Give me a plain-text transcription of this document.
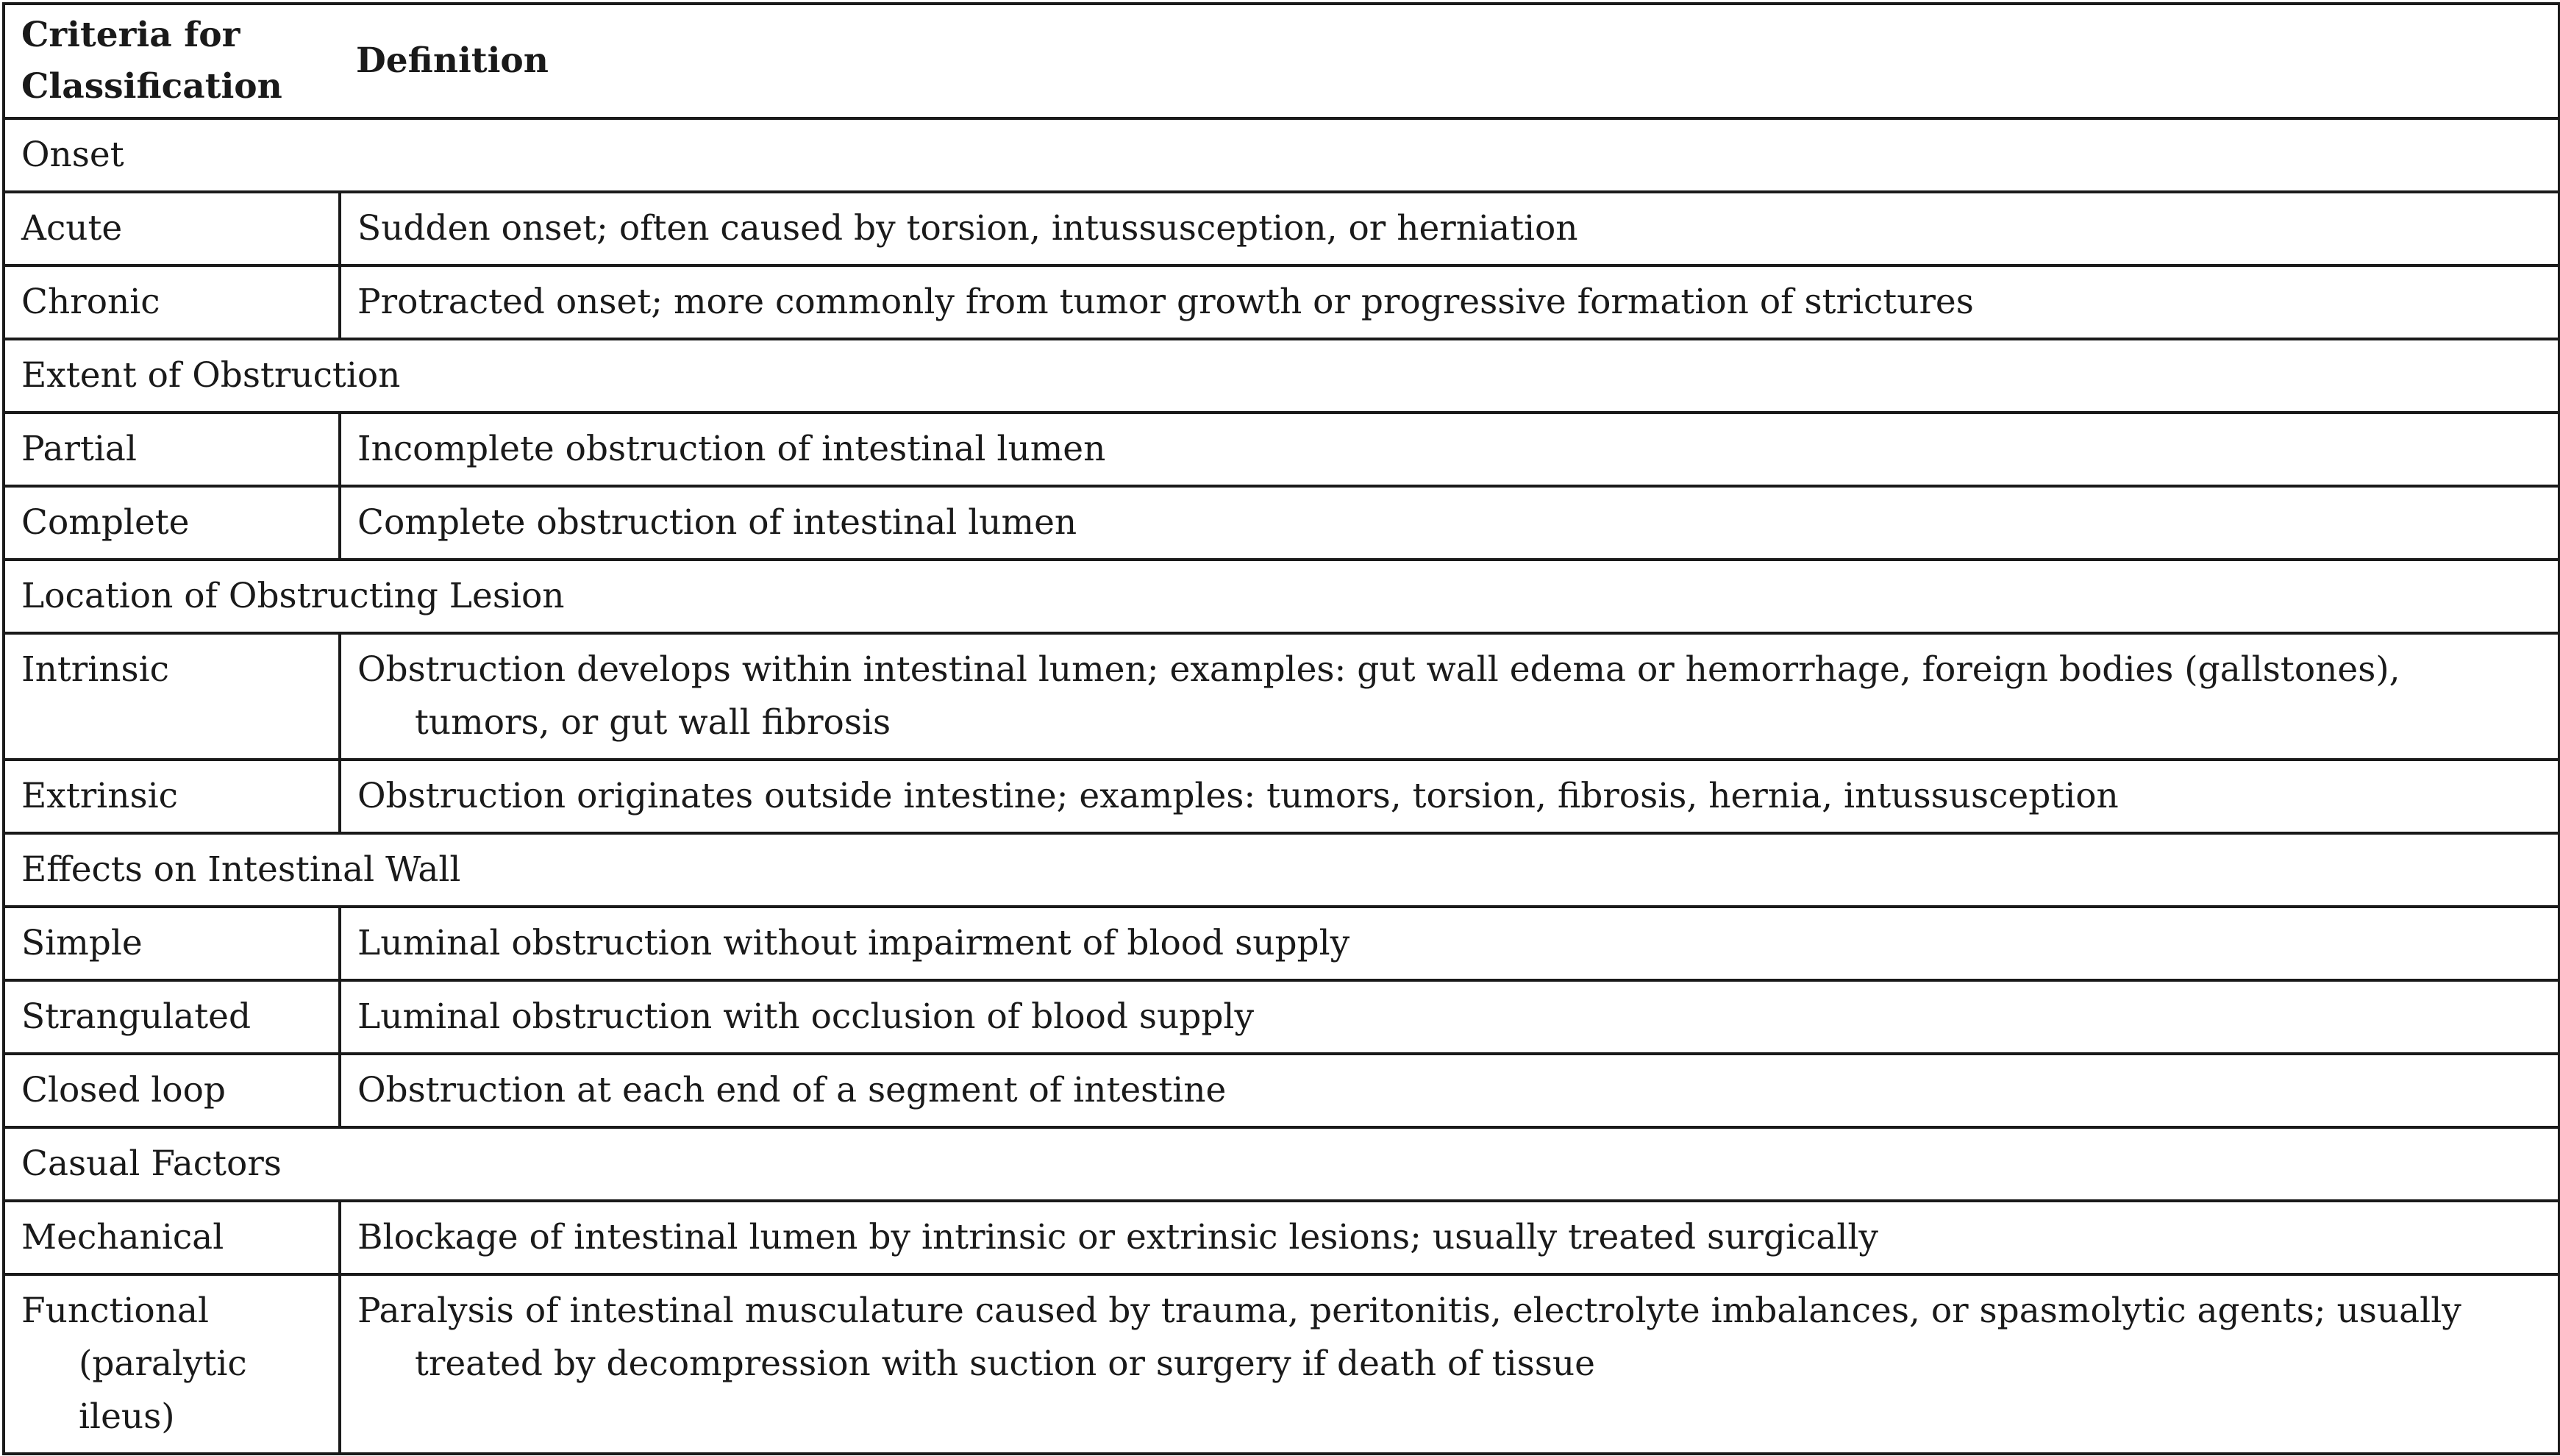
Criteria for Classification	Definition
Onset	
Acute	Sudden onset; often caused by torsion, intussusception, or herniation

Chronic	Protracted onset; more commonly from tumor growth or progressive formation of strictures

Extent of Obstruction	
Partial	Incomplete obstruction of intestinal lumen

Complete	Complete obstruction of intestinal lumen

Location of Obstructing Lesion	
Intrinsic	Obstruction develops within intestinal lumen; examples: gut wall edema or hemorrhage, foreign bodies (gallstones), tumors, or gut wall fibrosis

Extrinsic	Obstruction originates outside intestine; examples: tumors, torsion, fibrosis, hernia, intussusception

Effects on Intestinal Wall	
Simple	Luminal obstruction without impairment of blood supply

Strangulated	Luminal obstruction with occlusion of blood supply

Closed loop	Obstruction at each end of a segment of intestine

Casual Factors	
Mechanical	Blockage of intestinal lumen by intrinsic or extrinsic lesions; usually treated surgically

Functional (paralytic ileus)	Paralysis of intestinal musculature caused by trauma, peritonitis, electrolyte imbalances, or spasmolytic agents; usually treated by decompression with suction or surgery if death of tissue
